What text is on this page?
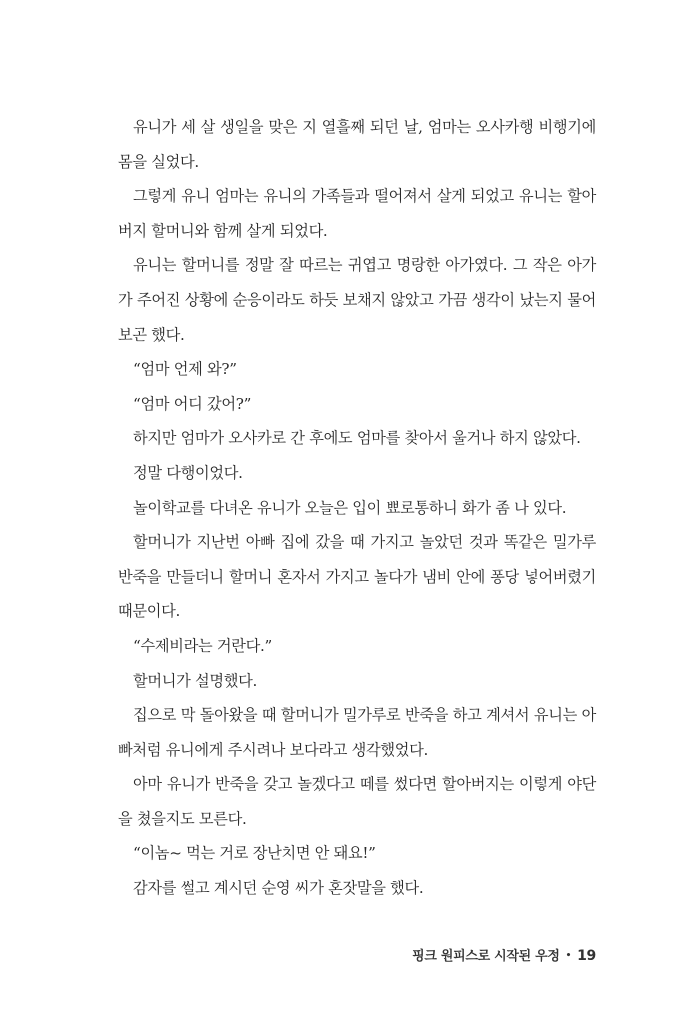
유니가 세 살 생일을 맞은 지 열흘째 되던 날, 엄마는 오사카행 비행기에 몸을 실었다.

그렇게 유니 엄마는 유니의 가족들과 떨어져서 살게 되었고 유니는 할아버지 할머니와 함께 살게 되었다.

유니는 할머니를 정말 잘 따르는 귀엽고 명랑한 아가였다. 그 작은 아가가 주어진 상황에 순응이라도 하듯 보채지 않았고 가끔 생각이 났는지 물어보곤 했다.

“엄마 언제 와?”

“엄마 어디 갔어?”

하지만 엄마가 오사카로 간 후에도 엄마를 찾아서 울거나 하지 않았다.

정말 다행이었다.

놀이학교를 다녀온 유니가 오늘은 입이 뾰로통하니 화가 좀 나 있다.

할머니가 지난번 아빠 집에 갔을 때 가지고 놀았던 것과 똑같은 밀가루 반죽을 만들더니 할머니 혼자서 가지고 놀다가 냄비 안에 퐁당 넣어버렸기 때문이다.

“수제비라는 거란다.”

할머니가 설명했다.

집으로 막 돌아왔을 때 할머니가 밀가루로 반죽을 하고 계셔서 유니는 아빠처럼 유니에게 주시려나 보다라고 생각했었다.

아마 유니가 반죽을 갖고 놀겠다고 떼를 썼다면 할아버지는 이렇게 야단을 쳤을지도 모른다.

“이놈~ 먹는 거로 장난치면 안 돼요!”

감자를 썰고 계시던 순영 씨가 혼잣말을 했다.

핑크 원피스로 시작된 우정 • 19
